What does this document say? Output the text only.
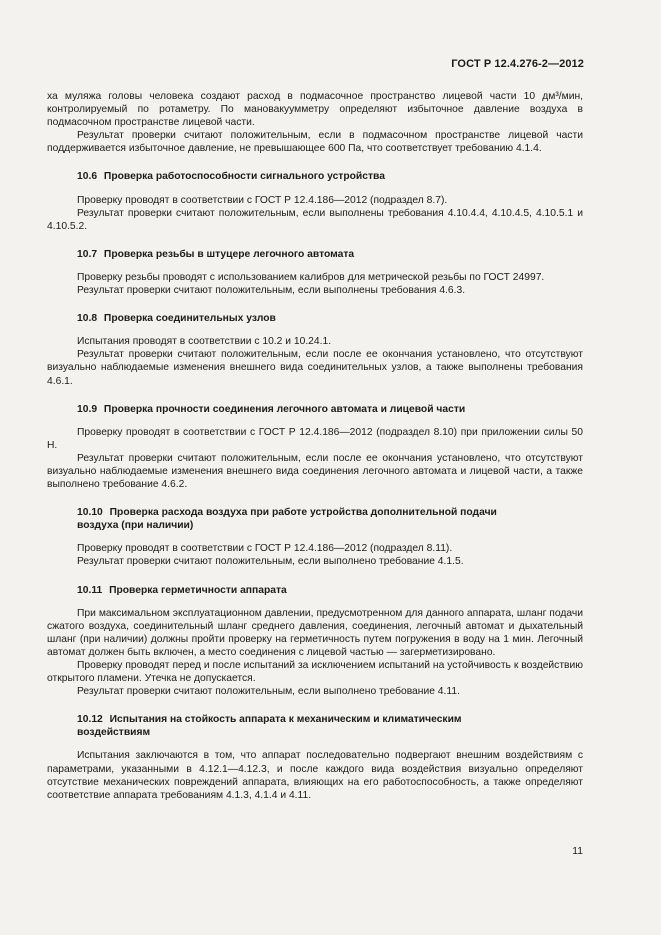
ГОСТ Р 12.4.276-2—2012

ха муляжа головы человека создают расход в подмасочное пространство лицевой части 10 дм³/мин, контролируемый по ротаметру. По мановакуумметру определяют избыточное давление воздуха в подмасочном пространстве лицевой части.

Результат проверки считают положительным, если в подмасочном пространстве лицевой части поддерживается избыточное давление, не превышающее 600 Па, что соответствует требованию 4.1.4.

10.6 Проверка работоспособности сигнального устройства

Проверку проводят в соответствии с ГОСТ Р 12.4.186—2012 (подраздел 8.7).

Результат проверки считают положительным, если выполнены требования 4.10.4.4, 4.10.4.5, 4.10.5.1 и 4.10.5.2.

10.7 Проверка резьбы в штуцере легочного автомата

Проверку резьбы проводят с использованием калибров для метрической резьбы по ГОСТ 24997.

Результат проверки считают положительным, если выполнены требования 4.6.3.

10.8 Проверка соединительных узлов

Испытания проводят в соответствии с 10.2 и 10.24.1.

Результат проверки считают положительным, если после ее окончания установлено, что отсутствуют визуально наблюдаемые изменения внешнего вида соединительных узлов, а также выполнены требования 4.6.1.

10.9 Проверка прочности соединения легочного автомата и лицевой части

Проверку проводят в соответствии с ГОСТ Р 12.4.186—2012 (подраздел 8.10) при приложении силы 50 Н.

Результат проверки считают положительным, если после ее окончания установлено, что отсутствуют визуально наблюдаемые изменения внешнего вида соединения легочного автомата и лицевой части, а также выполнено требование 4.6.2.

10.10 Проверка расхода воздуха при работе устройства дополнительной подачи

воздуха (при наличии)

Проверку проводят в соответствии с ГОСТ Р 12.4.186—2012 (подраздел 8.11).

Результат проверки считают положительным, если выполнено требование 4.1.5.

10.11 Проверка герметичности аппарата

При максимальном эксплуатационном давлении, предусмотренном для данного аппарата, шланг подачи сжатого воздуха, соединительный шланг среднего давления, соединения, легочный автомат и дыхательный шланг (при наличии) должны пройти проверку на герметичность путем погружения в воду на 1 мин. Легочный автомат должен быть включен, а место соединения с лицевой частью — загерметизировано.

Проверку проводят перед и после испытаний за исключением испытаний на устойчивость к воздействию открытого пламени. Утечка не допускается.

Результат проверки считают положительным, если выполнено требование 4.11.

10.12 Испытания на стойкость аппарата к механическим и климатическим

воздействиям

Испытания заключаются в том, что аппарат последовательно подвергают внешним воздействиям с параметрами, указанными в 4.12.1—4.12.3, и после каждого вида воздействия визуально определяют отсутствие механических повреждений аппарата, влияющих на его работоспособность, а также определяют соответствие аппарата требованиям 4.1.3, 4.1.4 и 4.11.

11
